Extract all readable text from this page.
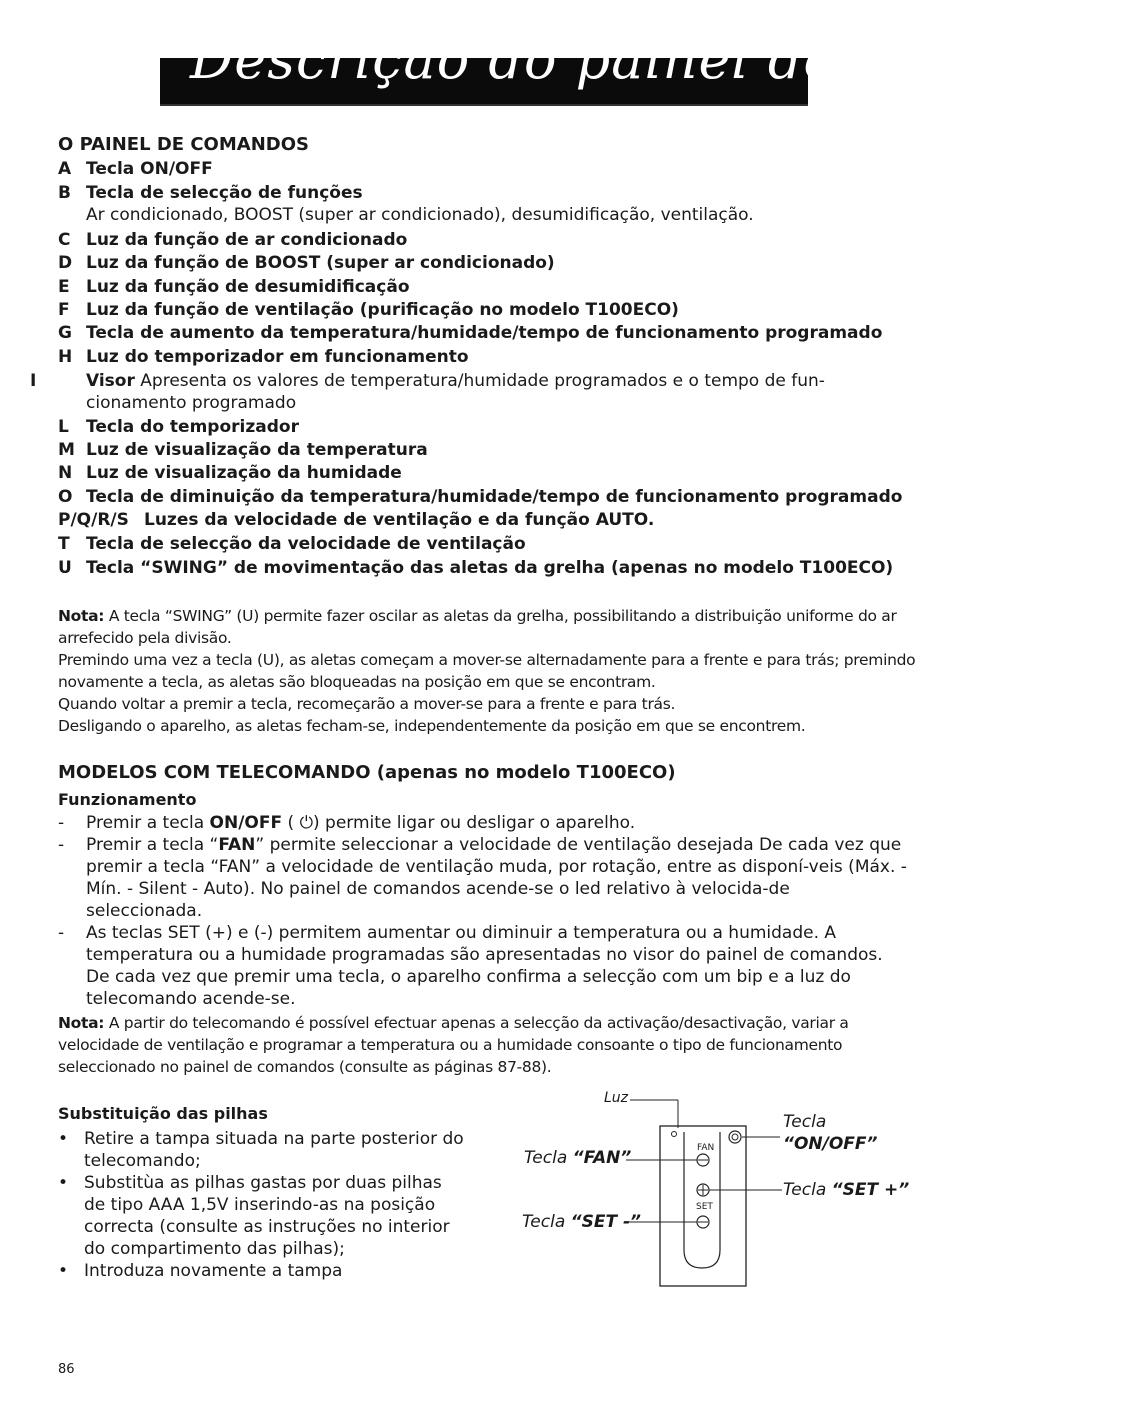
Descrição do painel de comandos
O PAINEL DE COMANDOS
A Tecla ON/OFF
B Tecla de selecção de funções
Ar condicionado, BOOST (super ar condicionado), desumidificação, ventilação.
C Luz da função de ar condicionado
D Luz da função de BOOST (super ar condicionado)
E Luz da função de desumidificação
F Luz da função de ventilação (purificação no modelo T100ECO)
G Tecla de aumento da temperatura/humidade/tempo de funcionamento programado
H Luz do temporizador em funcionamento
I	Visor Apresenta os valores de temperatura/humidade programados e o tempo de fun-cionamento programado
L Tecla do temporizador
M Luz de visualização da temperatura
N Luz de visualização da humidade
O Tecla de diminuição da temperatura/humidade/tempo de funcionamento programado
P/Q/R/S Luzes da velocidade de ventilação e da função AUTO.
T Tecla de selecção da velocidade de ventilação
U Tecla “SWING” de movimentação das aletas da grelha (apenas no modelo T100ECO)
Nota: A tecla “SWING” (U) permite fazer oscilar as aletas da grelha, possibilitando a distribuição uniforme do ar arrefecido pela divisão.
Premindo uma vez a tecla (U), as aletas começam a mover-se alternadamente para a frente e para trás; premindo novamente a tecla, as aletas são bloqueadas na posição em que se encontram.
Quando voltar a premir a tecla, recomeçarão a mover-se para a frente e para trás.
Desligando o aparelho, as aletas fecham-se, independentemente da posição em que se encontrem.
MODELOS COM TELECOMANDO (apenas no modelo T100ECO)
Funzionamento
- Premir a tecla ON/OFF ( ⏻) permite ligar ou desligar o aparelho.
- Premir a tecla “FAN” permite seleccionar a velocidade de ventilação desejada De cada vez que premir a tecla “FAN” a velocidade de ventilação muda, por rotação, entre as disponí-veis (Máx. - Mín. - Silent - Auto). No painel de comandos acende-se o led relativo à velocida-de seleccionada.
- As teclas SET (+) e (-) permitem aumentar ou diminuir a temperatura ou a humidade. A temperatura ou a humidade programadas são apresentadas no visor do painel de comandos. De cada vez que premir uma tecla, o aparelho confirma a selecção com um bip e a luz do telecomando acende-se.
Nota: A partir do telecomando é possível efectuar apenas a selecção da activação/desactivação, variar a velocidade de ventilação e programar a temperatura ou a humidade consoante o tipo de funcionamento seleccionado no painel de comandos (consulte as páginas 87-88).
Substituição das pilhas
• Retire a tampa situada na parte posterior do telecomando;
• Substitùa as pilhas gastas por duas pilhas de tipo AAA 1,5V inserindo-as na posição correcta (consulte as instruções no interior do compartimento das pilhas);
• Introduza novamente a tampa
FAN
SET
Luz
Tecla
“ON/OFF”
Tecla “FAN”
Tecla “SET +”
Tecla “SET -”
86
